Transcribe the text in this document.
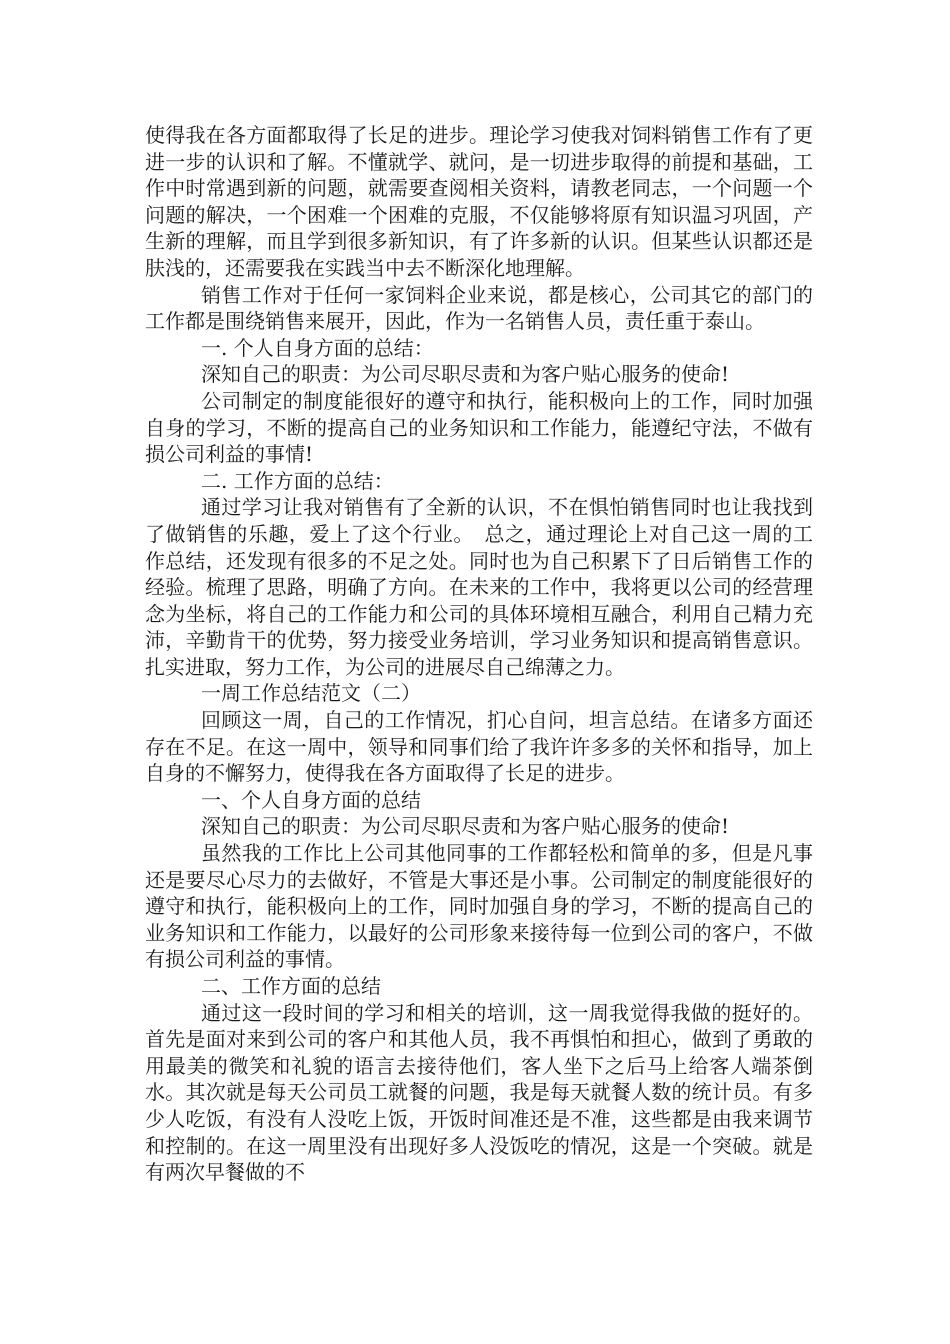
使得我在各方面都取得了长足的进步。理论学习使我对饲料销售工作有了更进一步的认识和了解。不懂就学、就问，是一切进步取得的前提和基础，工作中时常遇到新的问题，就需要查阅相关资料，请教老同志，一个问题一个问题的解决，一个困难一个困难的克服，不仅能够将原有知识温习巩固，产生新的理解，而且学到很多新知识，有了许多新的认识。但某些认识都还是肤浅的，还需要我在实践当中去不断深化地理解。

销售工作对于任何一家饲料企业来说，都是核心，公司其它的部门的工作都是围绕销售来展开，因此，作为一名销售人员，责任重于泰山。

一. 个人自身方面的总结：

深知自己的职责：为公司尽职尽责和为客户贴心服务的使命!

公司制定的制度能很好的遵守和执行，能积极向上的工作，同时加强自身的学习，不断的提高自己的业务知识和工作能力，能遵纪守法，不做有损公司利益的事情!

二. 工作方面的总结：

通过学习让我对销售有了全新的认识，不在惧怕销售同时也让我找到了做销售的乐趣，爱上了这个行业。　总之，通过理论上对自己这一周的工作总结，还发现有很多的不足之处。同时也为自己积累下了日后销售工作的经验。梳理了思路，明确了方向。在未来的工作中，我将更以公司的经营理念为坐标，将自己的工作能力和公司的具体环境相互融合，利用自己精力充沛，辛勤肯干的优势，努力接受业务培训，学习业务知识和提高销售意识。扎实进取，努力工作，为公司的进展尽自己绵薄之力。

一周工作总结范文（二）

回顾这一周，自己的工作情况，扪心自问，坦言总结。在诸多方面还存在不足。在这一周中，领导和同事们给了我许许多多的关怀和指导，加上自身的不懈努力，使得我在各方面取得了长足的进步。

一、个人自身方面的总结

深知自己的职责：为公司尽职尽责和为客户贴心服务的使命!

虽然我的工作比上公司其他同事的工作都轻松和简单的多，但是凡事还是要尽心尽力的去做好，不管是大事还是小事。公司制定的制度能很好的遵守和执行，能积极向上的工作，同时加强自身的学习，不断的提高自己的业务知识和工作能力，以最好的公司形象来接待每一位到公司的客户，不做有损公司利益的事情。

二、工作方面的总结

通过这一段时间的学习和相关的培训，这一周我觉得我做的挺好的。首先是面对来到公司的客户和其他人员，我不再惧怕和担心，做到了勇敢的用最美的微笑和礼貌的语言去接待他们，客人坐下之后马上给客人端茶倒水。其次就是每天公司员工就餐的问题，我是每天就餐人数的统计员。有多少人吃饭，有没有人没吃上饭，开饭时间准还是不准，这些都是由我来调节和控制的。在这一周里没有出现好多人没饭吃的情况，这是一个突破。就是有两次早餐做的不
